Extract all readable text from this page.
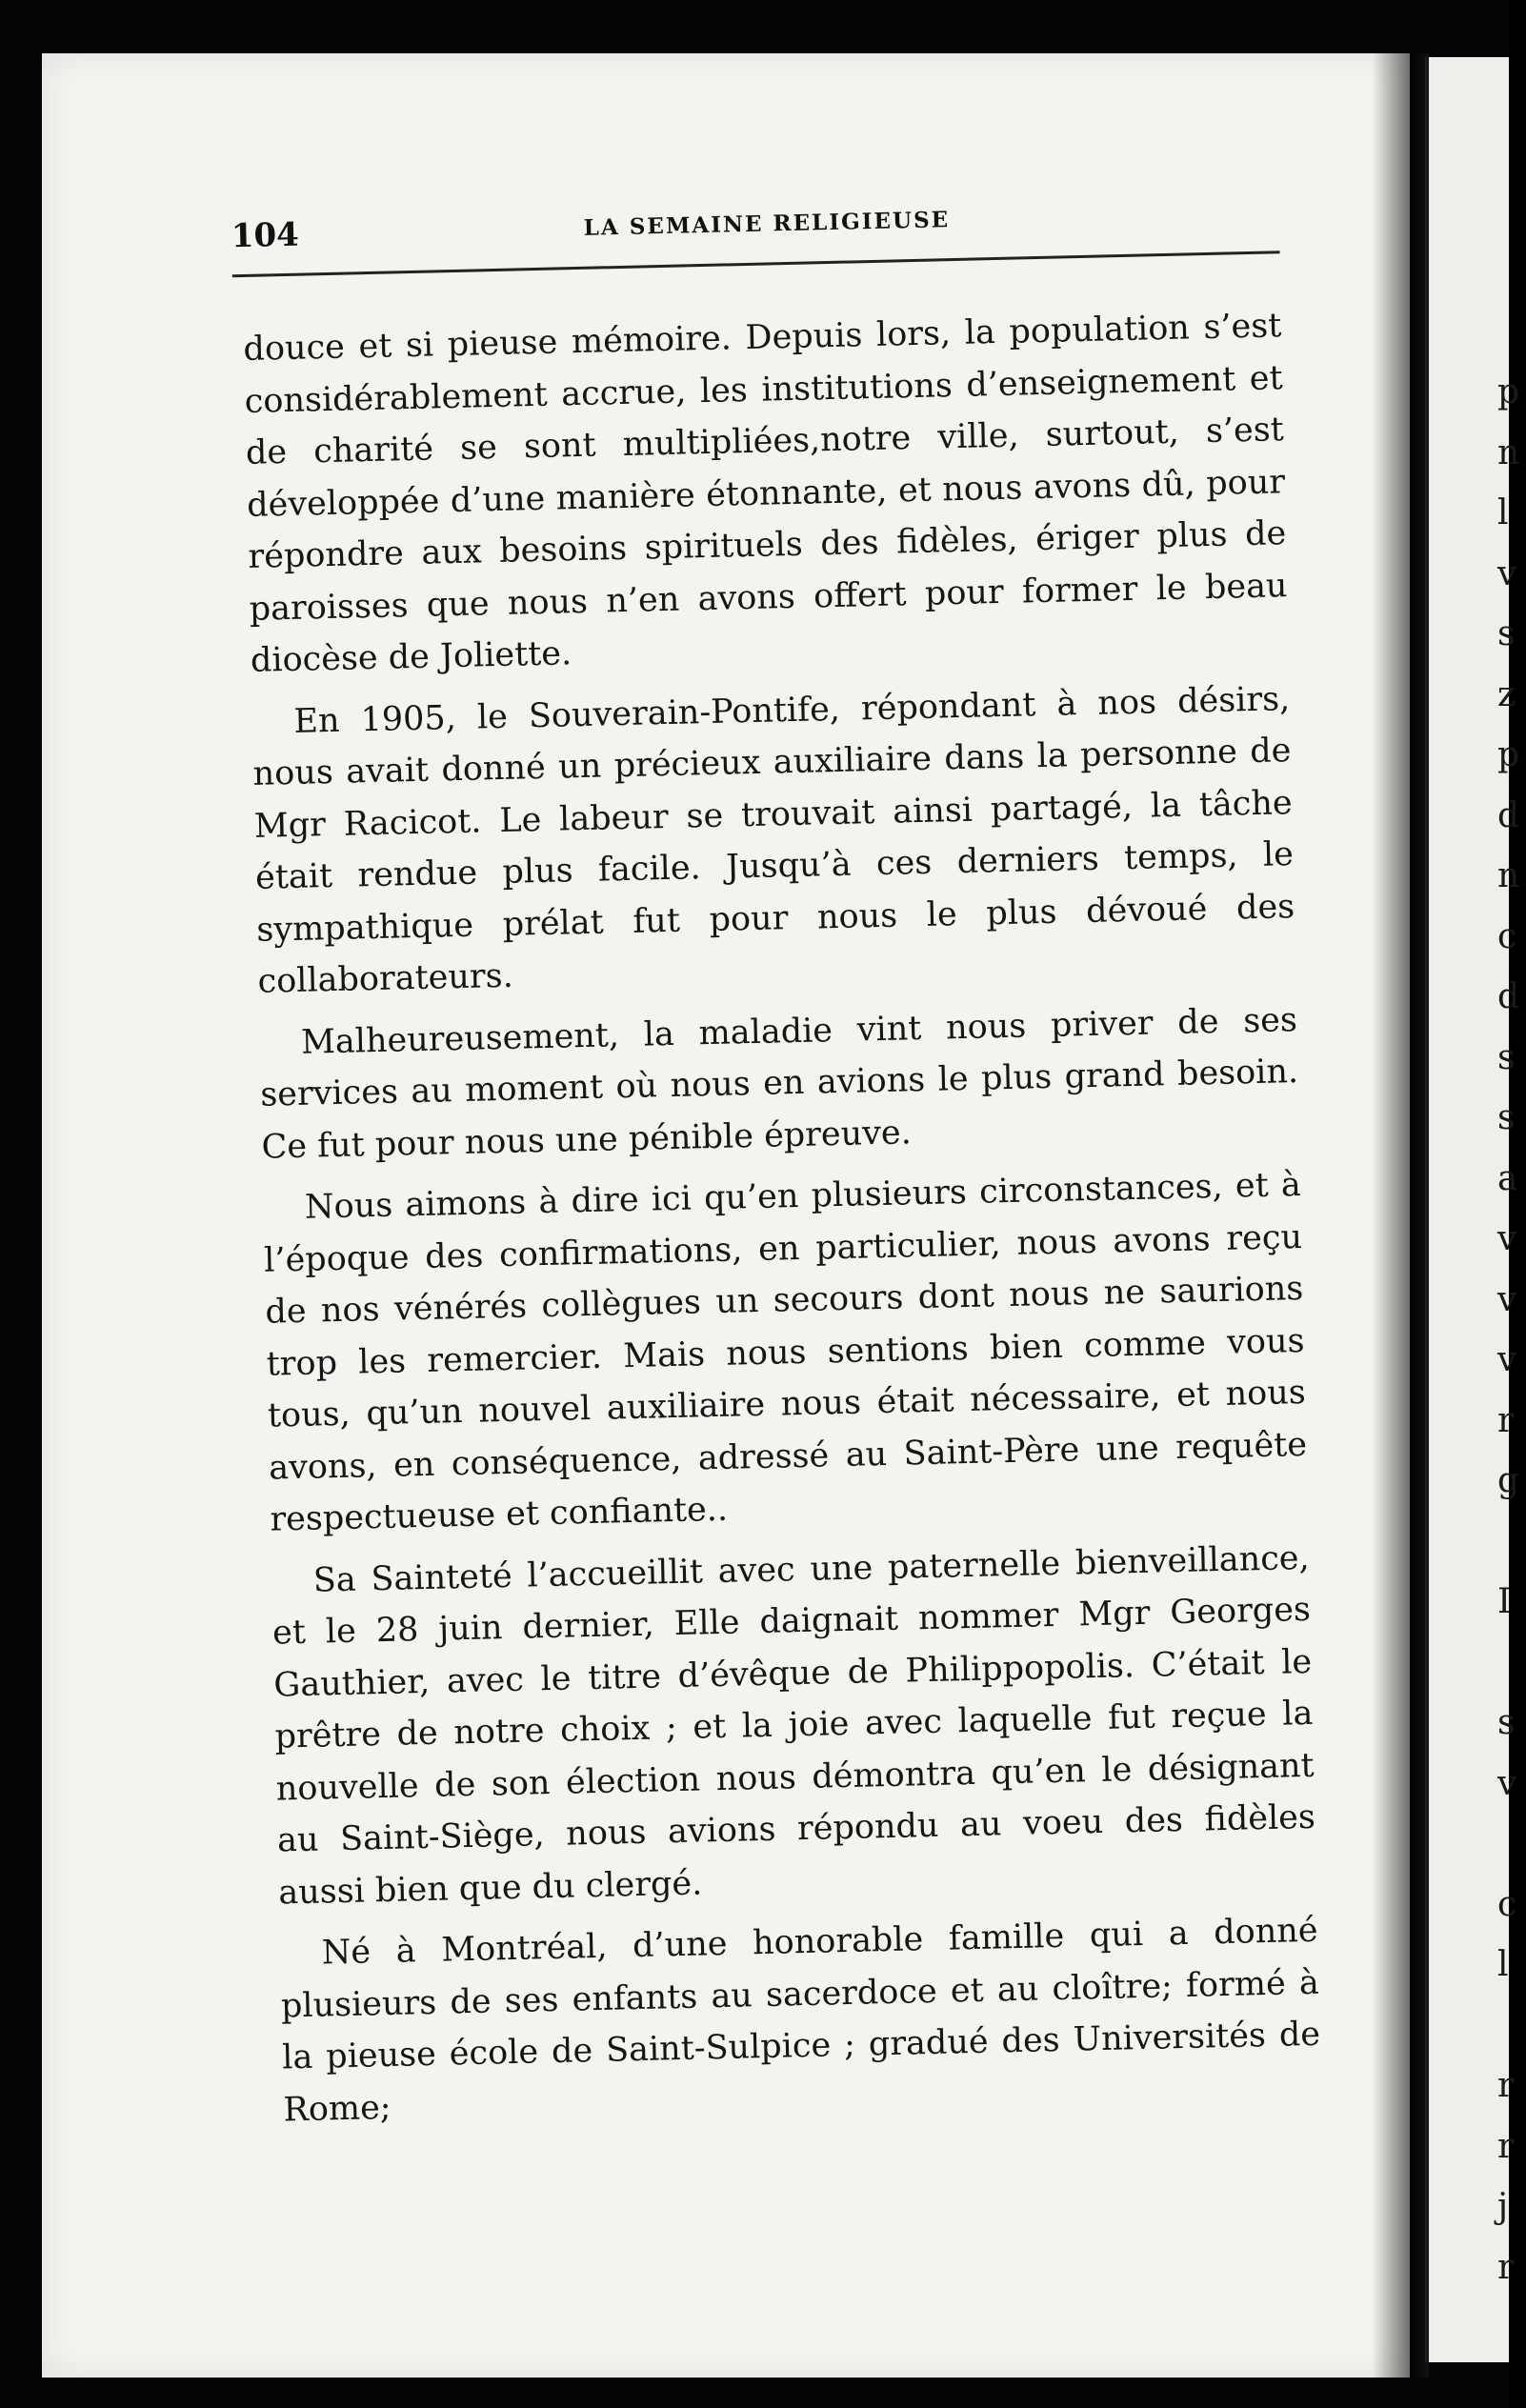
p
n
l
v
s
z
p
d
n
c
d
s
s
a
v
v
v
r
g

I

s
v

c
l

r
r
j
r
104	LA SEMAINE RELIGIEUSE

douce et si pieuse mémoire. Depuis lors, la population s’est considérablement accrue, les institutions d’enseignement et de charité se sont multipliées,notre ville, surtout, s’est développée d’une manière étonnante, et nous avons dû, pour répondre aux besoins spirituels des fidèles, ériger plus de paroisses que nous n’en avons offert pour former le beau diocèse de Joliette.

En 1905, le Souverain-Pontife, répondant à nos désirs, nous avait donné un précieux auxiliaire dans la personne de Mgr Racicot. Le labeur se trouvait ainsi partagé, la tâche était rendue plus facile. Jusqu’à ces derniers temps, le sympathique prélat fut pour nous le plus dévoué des collaborateurs.

Malheureusement, la maladie vint nous priver de ses services au moment où nous en avions le plus grand besoin. Ce fut pour nous une pénible épreuve.

Nous aimons à dire ici qu’en plusieurs circonstances, et à l’époque des confirmations, en particulier, nous avons reçu de nos vénérés collègues un secours dont nous ne saurions trop les remercier. Mais nous sentions bien comme vous tous, qu’un nouvel auxiliaire nous était nécessaire, et nous avons, en conséquence, adressé au Saint-Père une requête respectueuse et confiante..

Sa Sainteté l’accueillit avec une paternelle bienveillance, et le 28 juin dernier, Elle daignait nommer Mgr Georges Gauthier, avec le titre d’évêque de Philippopolis. C’était le prêtre de notre choix ; et la joie avec laquelle fut reçue la nouvelle de son élection nous démontra qu’en le désignant au Saint-Siège, nous avions répondu au voeu des fidèles aussi bien que du clergé.

Né à Montréal, d’une honorable famille qui a donné plusieurs de ses enfants au sacerdoce et au cloître; formé à la pieuse école de Saint-Sulpice ; gradué des Universités de Rome;
